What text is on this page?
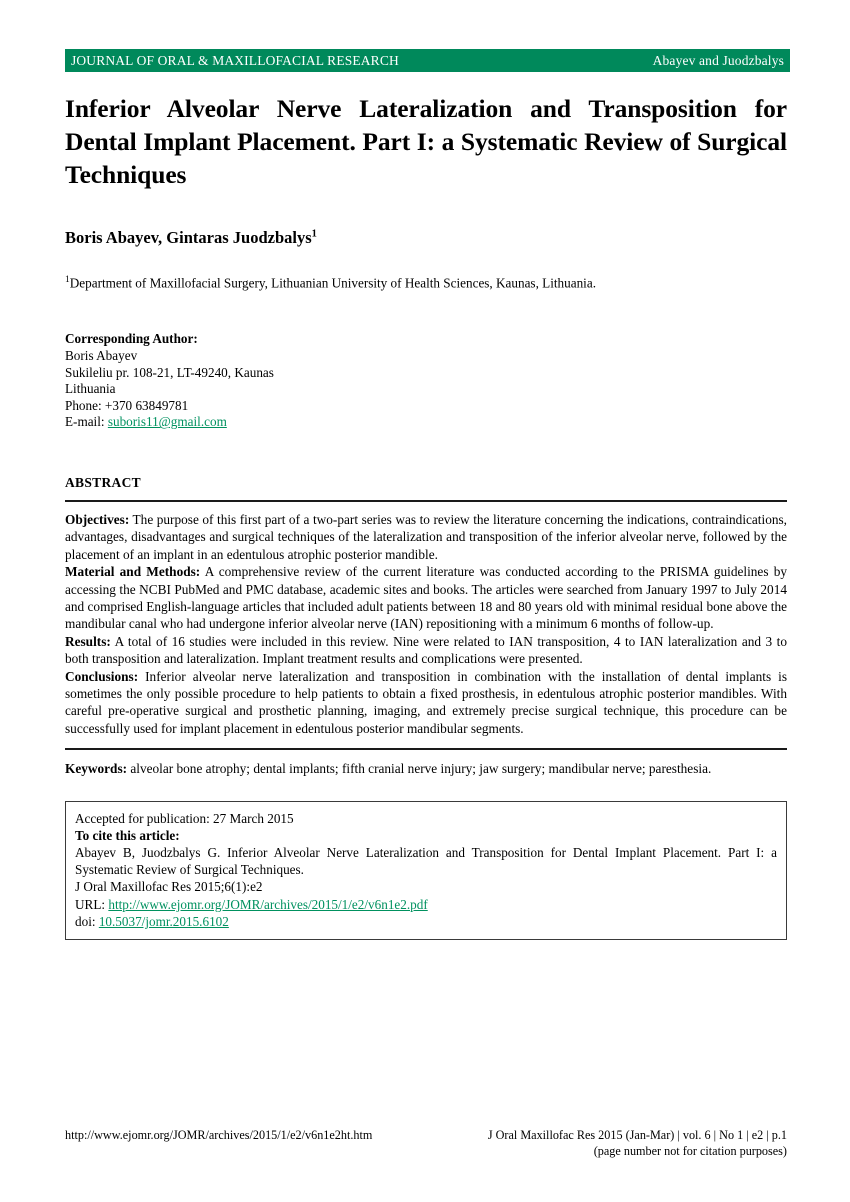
JOURNAL OF ORAL & MAXILLOFACIAL RESEARCH	Abayev and Juodzbalys
Inferior Alveolar Nerve Lateralization and Transposition for Dental Implant Placement. Part I: a Systematic Review of Surgical Techniques

Boris Abayev, Gintaras Juodzbalys$^1$

$^1$Department of Maxillofacial Surgery, Lithuanian University of Health Sciences, Kaunas, Lithuania.

Corresponding Author:
Boris Abayev
Sukileliu pr. 108-21, LT-49240, Kaunas
Lithuania
Phone: +370 63849781
E-mail: suboris11@gmail.com
ABSTRACT

Objectives: The purpose of this first part of a two-part series was to review the literature concerning the indications, contraindications, advantages, disadvantages and surgical techniques of the lateralization and transposition of the inferior alveolar nerve, followed by the placement of an implant in an edentulous atrophic posterior mandible.

Material and Methods: A comprehensive review of the current literature was conducted according to the PRISMA guidelines by accessing the NCBI PubMed and PMC database, academic sites and books. The articles were searched from January 1997 to July 2014 and comprised English-language articles that included adult patients between 18 and 80 years old with minimal residual bone above the mandibular canal who had undergone inferior alveolar nerve (IAN) repositioning with a minimum 6 months of follow-up.

Results: A total of 16 studies were included in this review. Nine were related to IAN transposition, 4 to IAN lateralization and 3 to both transposition and lateralization. Implant treatment results and complications were presented.

Conclusions: Inferior alveolar nerve lateralization and transposition in combination with the installation of dental implants is sometimes the only possible procedure to help patients to obtain a fixed prosthesis, in edentulous atrophic posterior mandibles. With careful pre-operative surgical and prosthetic planning, imaging, and extremely precise surgical technique, this procedure can be successfully used for implant placement in edentulous posterior mandibular segments.

Keywords: alveolar bone atrophy; dental implants; fifth cranial nerve injury; jaw surgery; mandibular nerve; paresthesia.
Accepted for publication: 27 March 2015
To cite this article:
Abayev B, Juodzbalys G. Inferior Alveolar Nerve Lateralization and Transposition for Dental Implant Placement. Part I: a Systematic Review of Surgical Techniques.
J Oral Maxillofac Res 2015;6(1):e2
URL: http://www.ejomr.org/JOMR/archives/2015/1/e2/v6n1e2.pdf
doi: 10.5037/jomr.2015.6102
http://www.ejomr.org/JOMR/archives/2015/1/e2/v6n1e2ht.htm	J Oral Maxillofac Res 2015 (Jan-Mar) | vol. 6 | No 1 | e2 | p.1
(page number not for citation purposes)
